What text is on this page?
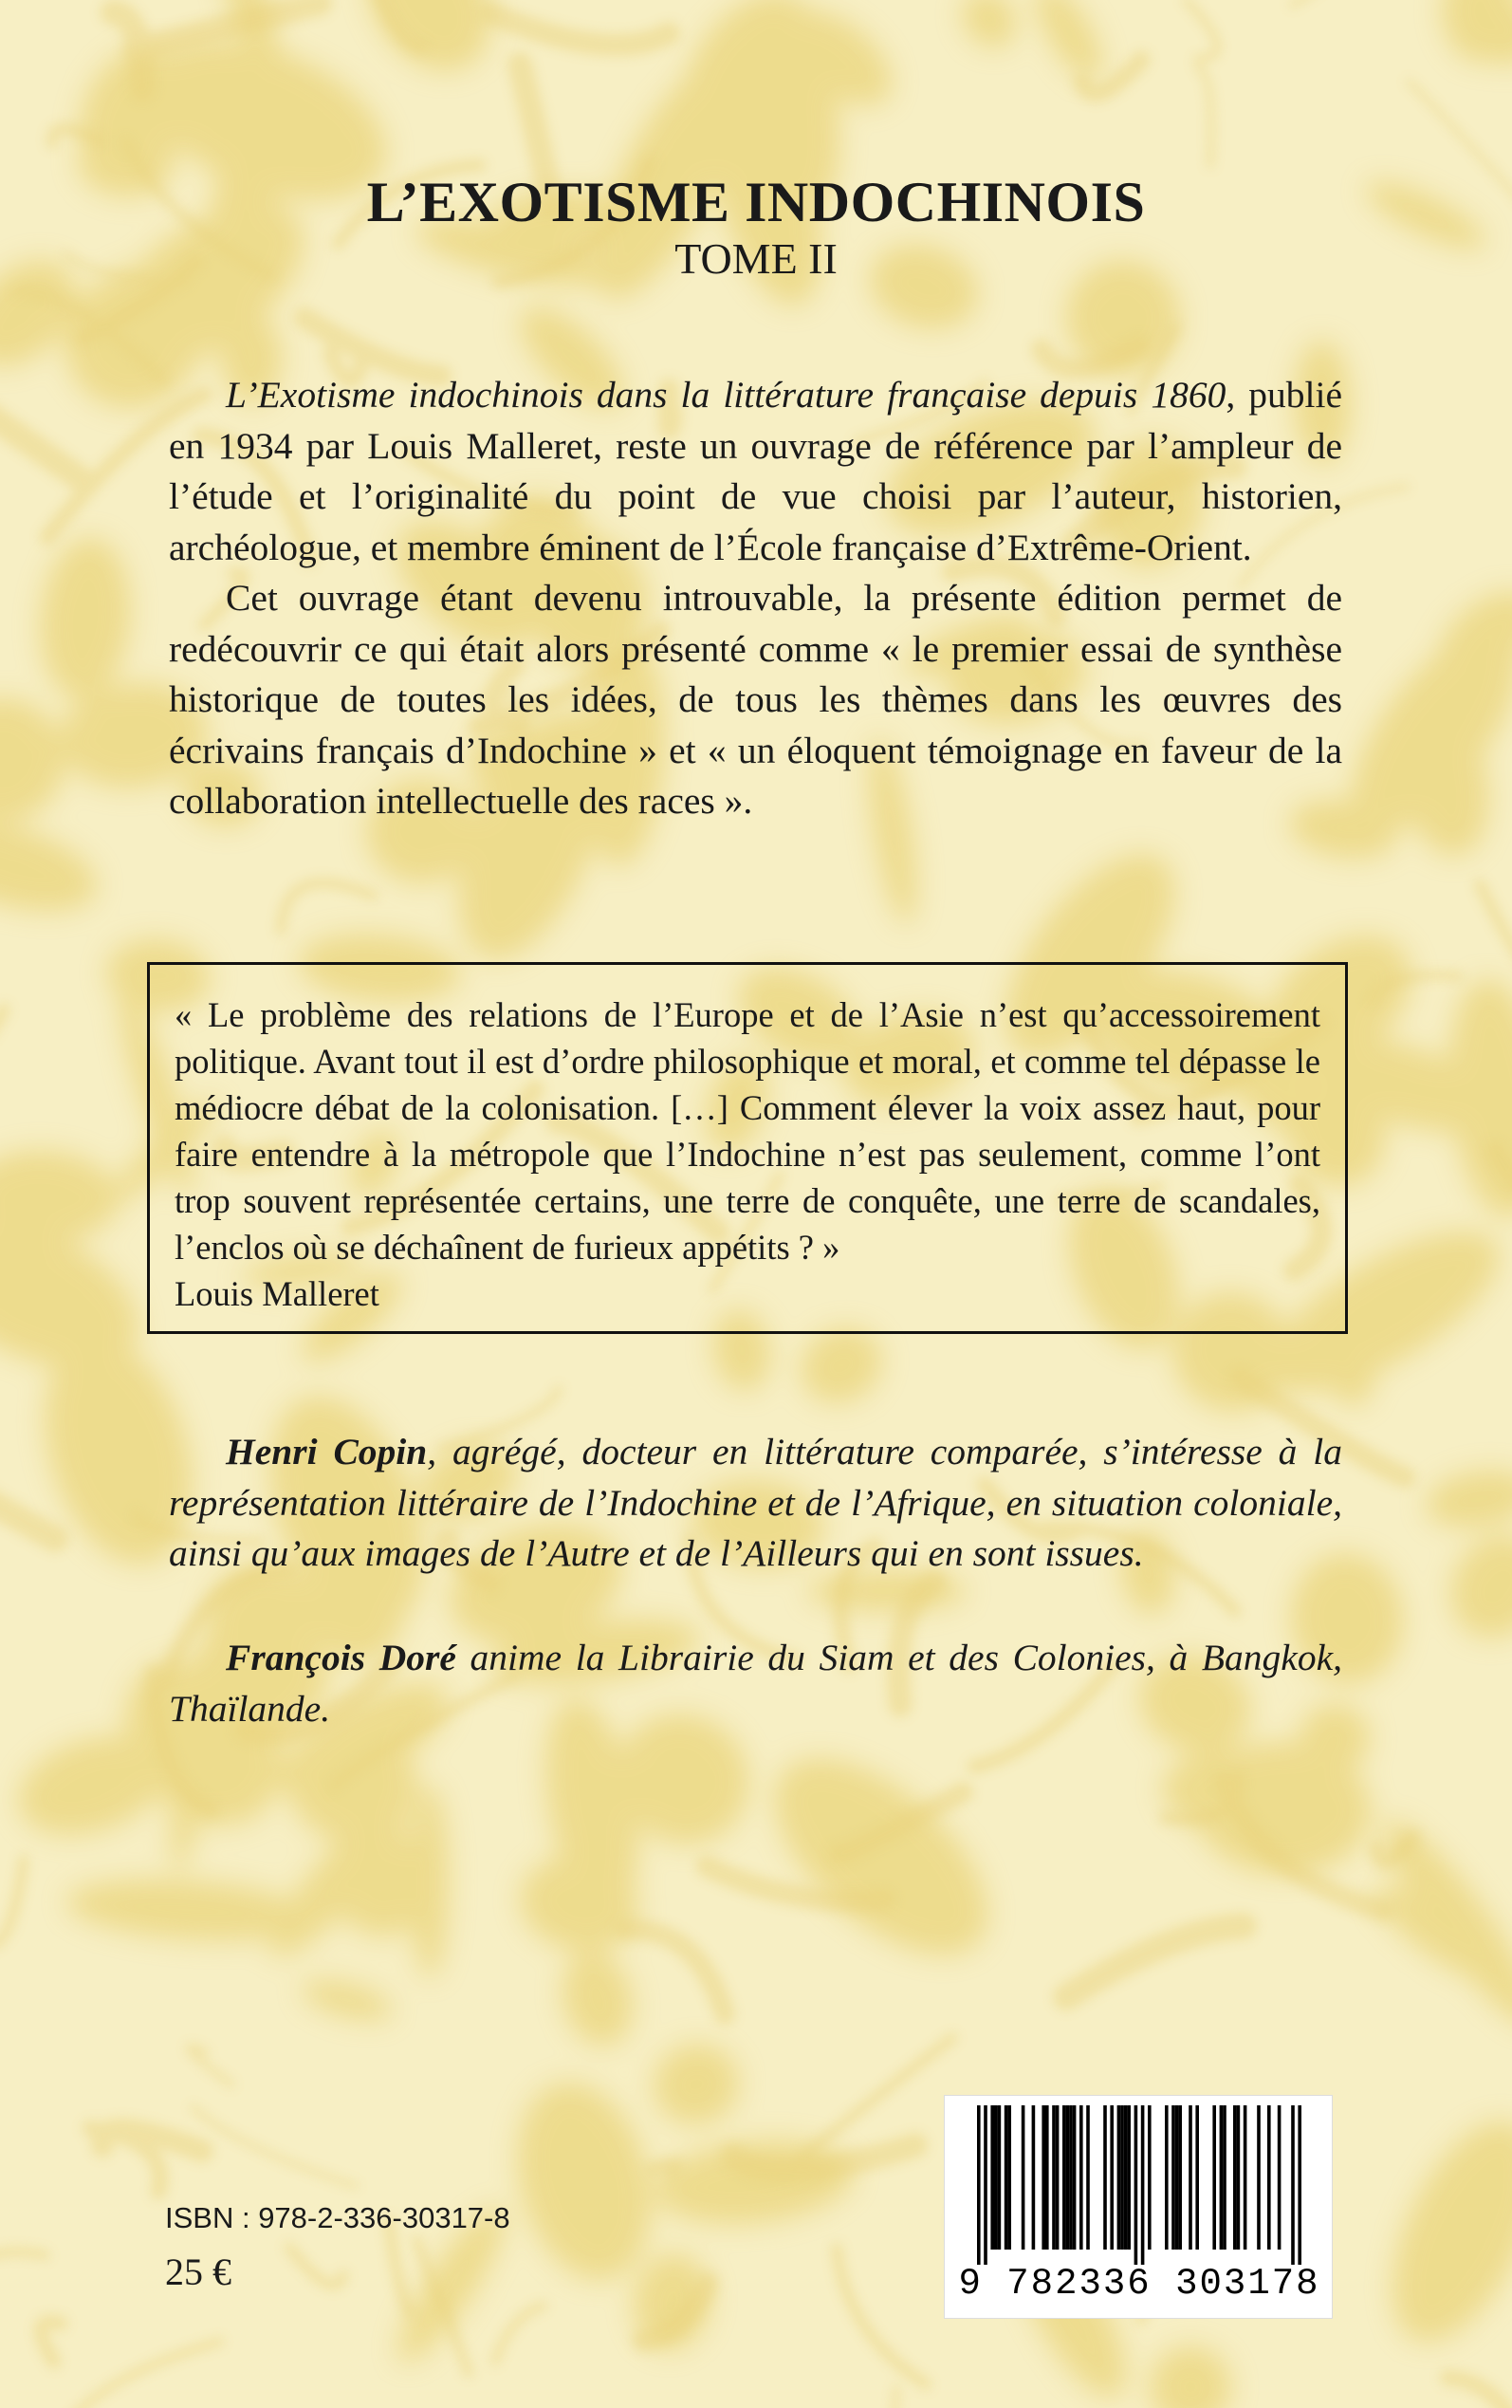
L’EXOTISME INDOCHINOIS
TOME II

L’Exotisme indochinois dans la littérature française depuis 1860, publié en 1934 par Louis Malleret, reste un ouvrage de référence par l’ampleur de l’étude et l’originalité du point de vue choisi par l’auteur, historien, archéologue, et membre éminent de l’École française d’Extrême-Orient.

Cet ouvrage étant devenu introuvable, la présente édition permet de redécouvrir ce qui était alors présenté comme « le premier essai de synthèse historique de toutes les idées, de tous les thèmes dans les œuvres des écrivains français d’Indochine » et « un éloquent témoignage en faveur de la collaboration intellectuelle des races ».

« Le problème des relations de l’Europe et de l’Asie n’est qu’accessoirement politique. Avant tout il est d’ordre philosophique et moral, et comme tel dépasse le médiocre débat de la colonisation. […] Comment élever la voix assez haut, pour faire entendre à la métropole que l’Indochine n’est pas seulement, comme l’ont trop souvent représentée certains, une terre de conquête, une terre de scandales, l’enclos où se déchaînent de furieux appétits ? »

Louis Malleret

Henri Copin, agrégé, docteur en littérature comparée, s’intéresse à la représentation littéraire de l’Indochine et de l’Afrique, en situation coloniale, ainsi qu’aux images de l’Autre et de l’Ailleurs qui en sont issues.

François Doré anime la Librairie du Siam et des Colonies, à Bangkok, Thaïlande.

ISBN : 978-2-336-30317-8
25 €	9 782336 303178
